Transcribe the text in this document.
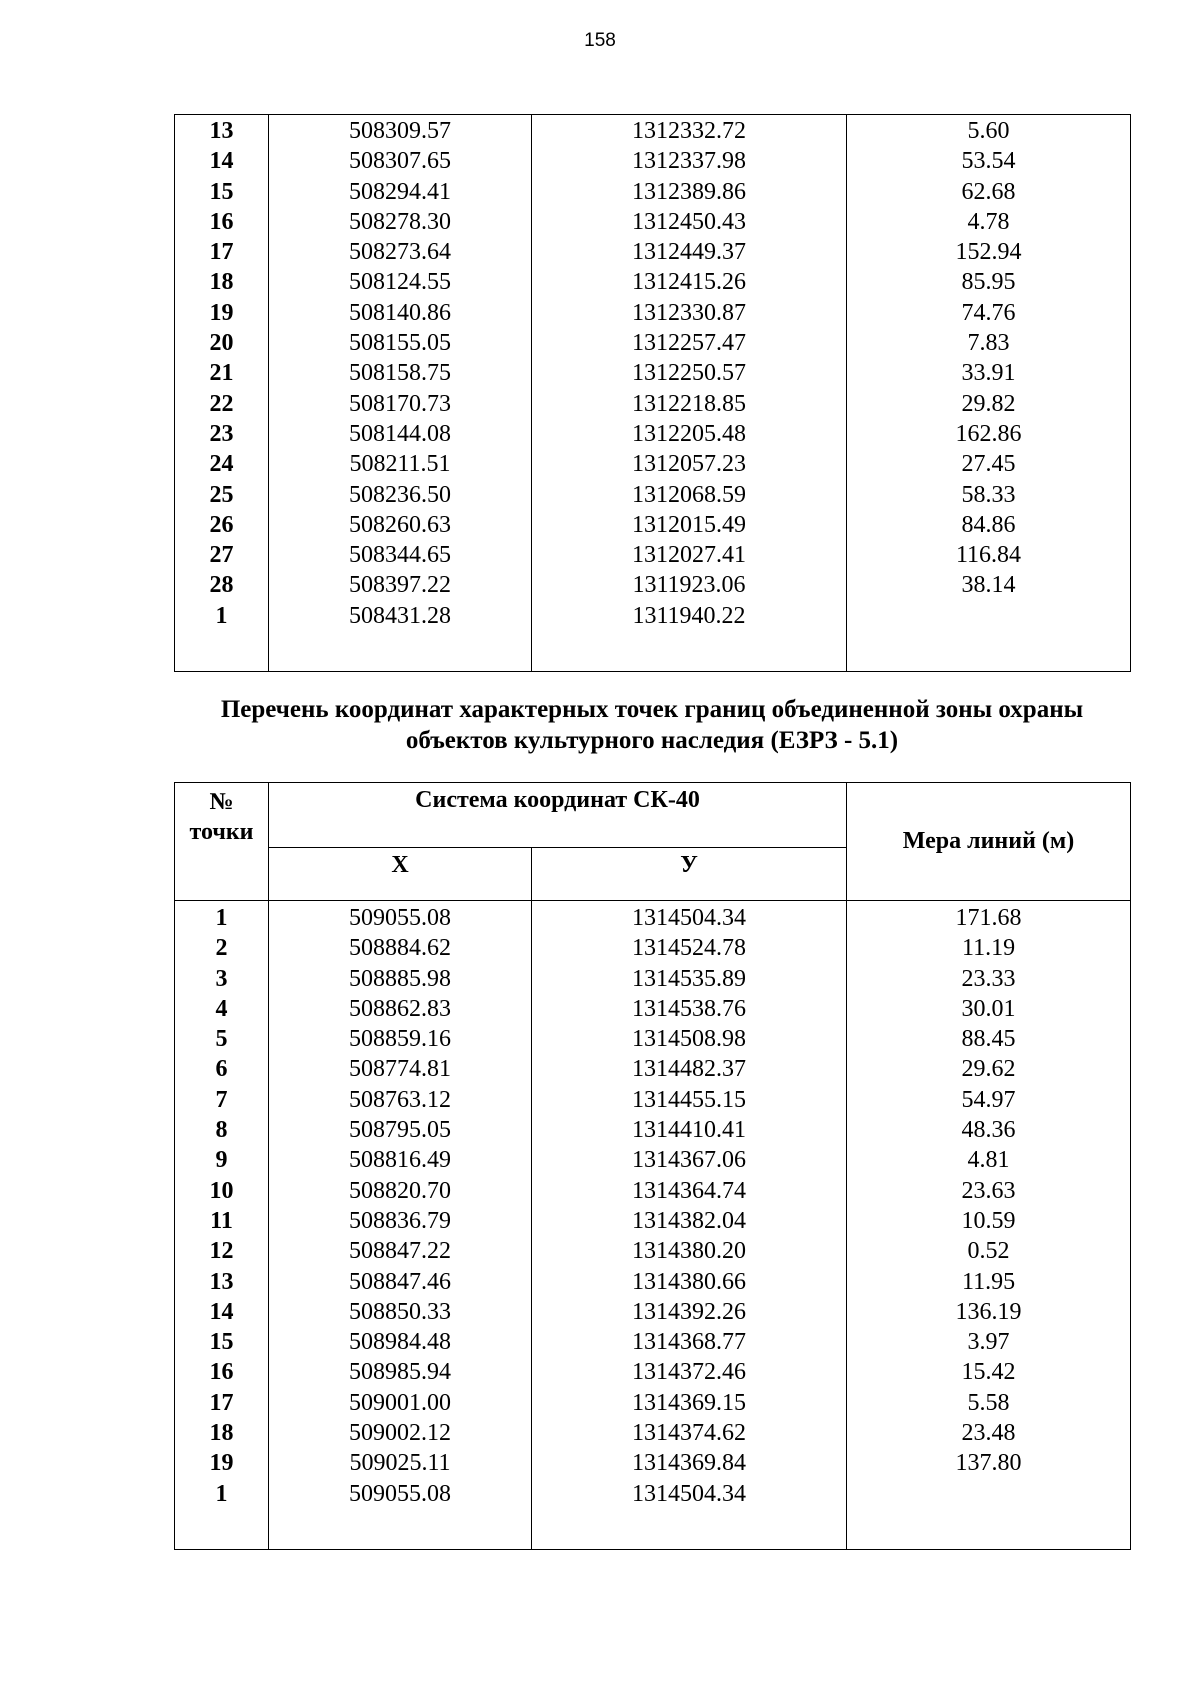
158
13	508309.57	1312332.72	5.60
14	508307.65	1312337.98	53.54
15	508294.41	1312389.86	62.68
16	508278.30	1312450.43	4.78
17	508273.64	1312449.37	152.94
18	508124.55	1312415.26	85.95
19	508140.86	1312330.87	74.76
20	508155.05	1312257.47	7.83
21	508158.75	1312250.57	33.91
22	508170.73	1312218.85	29.82
23	508144.08	1312205.48	162.86
24	508211.51	1312057.23	27.45
25	508236.50	1312068.59	58.33
26	508260.63	1312015.49	84.86
27	508344.65	1312027.41	116.84
28	508397.22	1311923.06	38.14
1	508431.28	1311940.22	

Перечень координат характерных точек границ объединенной зоны охраны
объектов культурного наследия (ЕЗРЗ - 5.1)
№
точки	Система координат СК-40		Мера линий (м)
	Х	У	
1	509055.08	1314504.34	171.68
2	508884.62	1314524.78	11.19
3	508885.98	1314535.89	23.33
4	508862.83	1314538.76	30.01
5	508859.16	1314508.98	88.45
6	508774.81	1314482.37	29.62
7	508763.12	1314455.15	54.97
8	508795.05	1314410.41	48.36
9	508816.49	1314367.06	4.81
10	508820.70	1314364.74	23.63
11	508836.79	1314382.04	10.59
12	508847.22	1314380.20	0.52
13	508847.46	1314380.66	11.95
14	508850.33	1314392.26	136.19
15	508984.48	1314368.77	3.97
16	508985.94	1314372.46	15.42
17	509001.00	1314369.15	5.58
18	509002.12	1314374.62	23.48
19	509025.11	1314369.84	137.80
1	509055.08	1314504.34	
